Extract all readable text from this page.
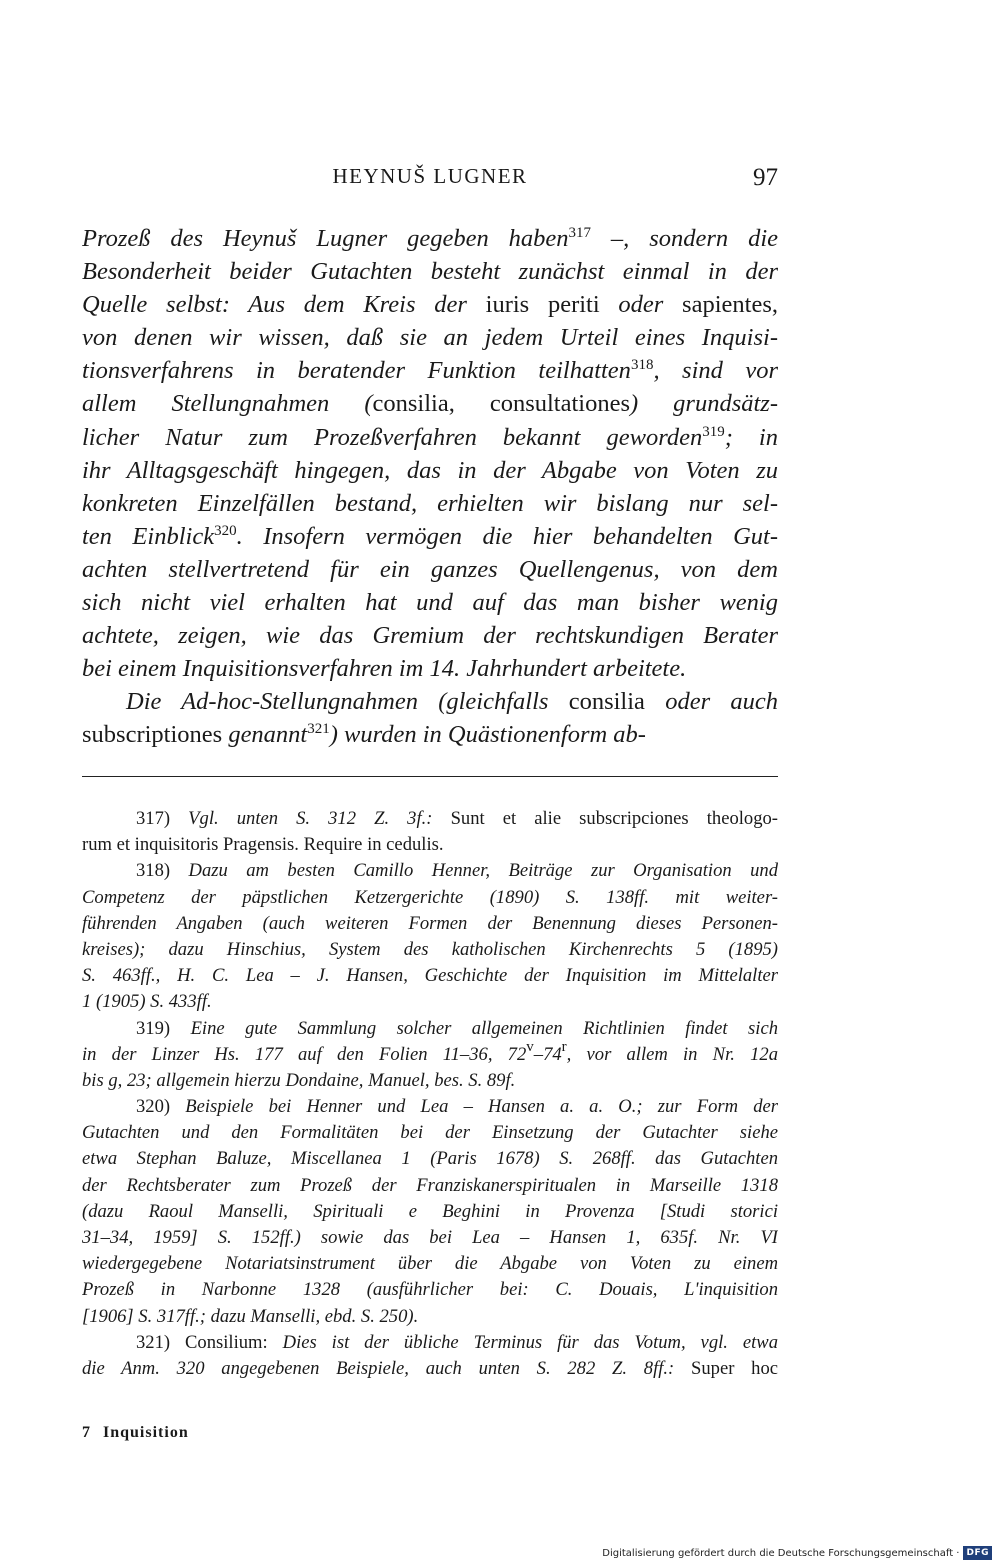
HEYNUŠ LUGNER	97
Prozeß des Heynuš Lugner gegeben haben$^{317}$ –, sondern die
Besonderheit beider Gutachten besteht zunächst einmal in der
Quelle selbst: Aus dem Kreis der iuris periti oder sapientes,
von denen wir wissen, daß sie an jedem Urteil eines Inquisi-
tionsverfahrens in beratender Funktion teilhatten$^{318}$, sind vor
allem Stellungnahmen (consilia, consultationes) grundsätz-
licher Natur zum Prozeßverfahren bekannt geworden$^{319}$; in
ihr Alltagsgeschäft hingegen, das in der Abgabe von Voten zu
konkreten Einzelfällen bestand, erhielten wir bislang nur sel-
ten Einblick$^{320}$. Insofern vermögen die hier behandelten Gut-
achten stellvertretend für ein ganzes Quellengenus, von dem
sich nicht viel erhalten hat und auf das man bisher wenig
achtete, zeigen, wie das Gremium der rechtskundigen Berater
bei einem Inquisitionsverfahren im 14. Jahrhundert arbeitete.
Die Ad-hoc-Stellungnahmen (gleichfalls consilia oder auch
subscriptiones genannt$^{321}$) wurden in Quästionenform ab-
317) Vgl. unten S. 312 Z. 3f.: Sunt et alie subscripciones theologo-
rum et inquisitoris Pragensis. Require in cedulis.
318) Dazu am besten Camillo Henner, Beiträge zur Organisation und
Competenz der päpstlichen Ketzergerichte (1890) S. 138ff. mit weiter-
führenden Angaben (auch weiteren Formen der Benennung dieses Personen-
kreises); dazu Hinschius, System des katholischen Kirchenrechts 5 (1895)
S. 463ff., H. C. Lea – J. Hansen, Geschichte der Inquisition im Mittelalter
1 (1905) S. 433ff.
319) Eine gute Sammlung solcher allgemeinen Richtlinien findet sich
in der Linzer Hs. 177 auf den Folien 11–36, 72$^v$–74$^r$, vor allem in Nr. 12a
bis g, 23; allgemein hierzu Dondaine, Manuel, bes. S. 89f.
320) Beispiele bei Henner und Lea – Hansen a. a. O.; zur Form der
Gutachten und den Formalitäten bei der Einsetzung der Gutachter siehe
etwa Stephan Baluze, Miscellanea 1 (Paris 1678) S. 268ff. das Gutachten
der Rechtsberater zum Prozeß der Franziskanerspiritualen in Marseille 1318
(dazu Raoul Manselli, Spirituali e Beghini in Provenza [Studi storici
31–34, 1959] S. 152ff.) sowie das bei Lea – Hansen 1, 635f. Nr. VI
wiedergegebene Notariatsinstrument über die Abgabe von Voten zu einem
Prozeß in Narbonne 1328 (ausführlicher bei: C. Douais, L'inquisition
[1906] S. 317ff.; dazu Manselli, ebd. S. 250).
321) Consilium: Dies ist der übliche Terminus für das Votum, vgl. etwa
die Anm. 320 angegebenen Beispiele, auch unten S. 282 Z. 8ff.: Super hoc
7 Inquisition
Digitalisierung gefördert durch die Deutsche Forschungsgemeinschaft · DFG
